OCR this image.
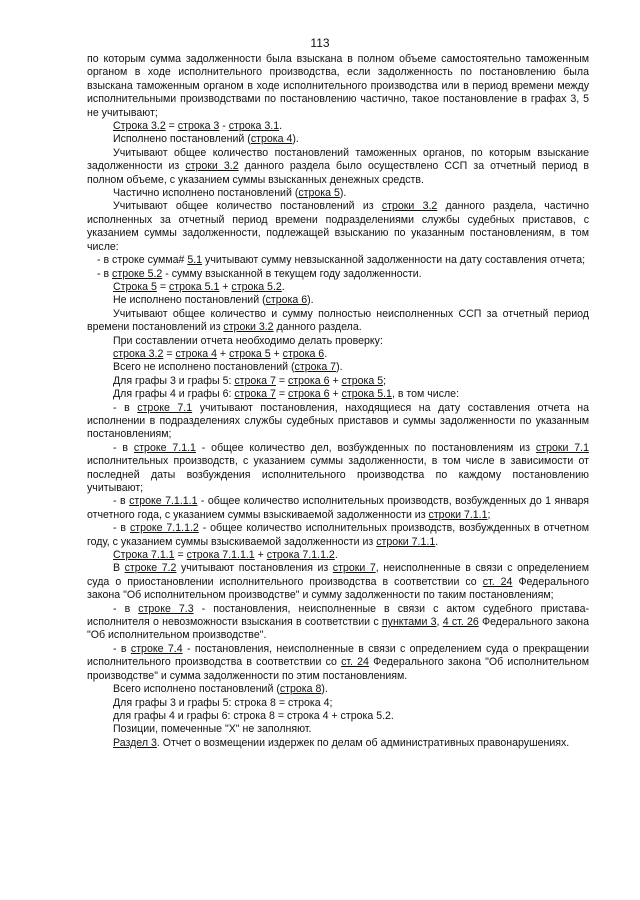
113

по которым сумма задолженности была взыскана в полном объеме самостоятельно таможенным органом в ходе исполнительного производства, если задолженность по постановлению была взыскана таможенным органом в ходе исполнительного производства или в период времени между исполнительными производствами по постановлению частично, такое постановление в графах 3, 5 не учитывают;

Строка 3.2 = строка 3 - строка 3.1.

Исполнено постановлений (строка 4).

Учитывают общее количество постановлений таможенных органов, по которым взыскание задолженности из строки 3.2 данного раздела было осуществлено ССП за отчетный период в полном объеме, с указанием суммы взысканных денежных средств.

Частично исполнено постановлений (строка 5).

Учитывают общее количество постановлений из строки 3.2 данного раздела, частично исполненных за отчетный период времени подразделениями службы судебных приставов, с указанием суммы задолженности, подлежащей взысканию по указанным постановлениям, в том числе:

- в строке сумма# 5.1 учитывают сумму невзысканной задолженности на дату составления отчета;

- в строке 5.2 - сумму взысканной в текущем году задолженности.

Строка 5 = строка 5.1 + строка 5.2.

Не исполнено постановлений (строка 6).

Учитывают общее количество и сумму полностью неисполненных ССП за отчетный период времени постановлений из строки 3.2 данного раздела.

При составлении отчета необходимо делать проверку:

строка 3.2 = строка 4 + строка 5 + строка 6.

Всего не исполнено постановлений (строка 7).

Для графы 3 и графы 5: строка 7 = строка 6 + строка 5;

Для графы 4 и графы 6: строка 7 = строка 6 + строка 5.1, в том числе:

- в строке 7.1 учитывают постановления, находящиеся на дату составления отчета на исполнении в подразделениях службы судебных приставов и суммы задолженности по указанным постановлениям;

- в строке 7.1.1 - общее количество дел, возбужденных по постановлениям из строки 7.1 исполнительных производств, с указанием суммы задолженности, в том числе в зависимости от последней даты возбуждения исполнительного производства по каждому постановлению учитывают;

- в строке 7.1.1.1 - общее количество исполнительных производств, возбужденных до 1 января отчетного года, с указанием суммы взыскиваемой задолженности из строки 7.1.1;

- в строке 7.1.1.2 - общее количество исполнительных производств, возбужденных в отчетном году, с указанием суммы взыскиваемой задолженности из строки 7.1.1.

Строка 7.1.1 = строка 7.1.1.1 + строка 7.1.1.2.

В строке 7.2 учитывают постановления из строки 7, неисполненные в связи с определением суда о приостановлении исполнительного производства в соответствии со ст. 24 Федерального закона "Об исполнительном производстве" и сумму задолженности по таким постановлениям;

- в строке 7.3 - постановления, неисполненные в связи с актом судебного пристава-исполнителя о невозможности взыскания в соответствии с пунктами 3, 4 ст. 26 Федерального закона "Об исполнительном производстве".

- в строке 7.4 - постановления, неисполненные в связи с определением суда о прекращении исполнительного производства в соответствии со ст. 24 Федерального закона "Об исполнительном производстве" и сумма задолженности по этим постановлениям.

Всего исполнено постановлений (строка 8).

Для графы 3 и графы 5: строка 8 = строка 4;

для графы 4 и графы 6: строка 8 = строка 4 + строка 5.2.

Позиции, помеченные "X" не заполняют.

Раздел 3. Отчет о возмещении издержек по делам об административных правонарушениях.
